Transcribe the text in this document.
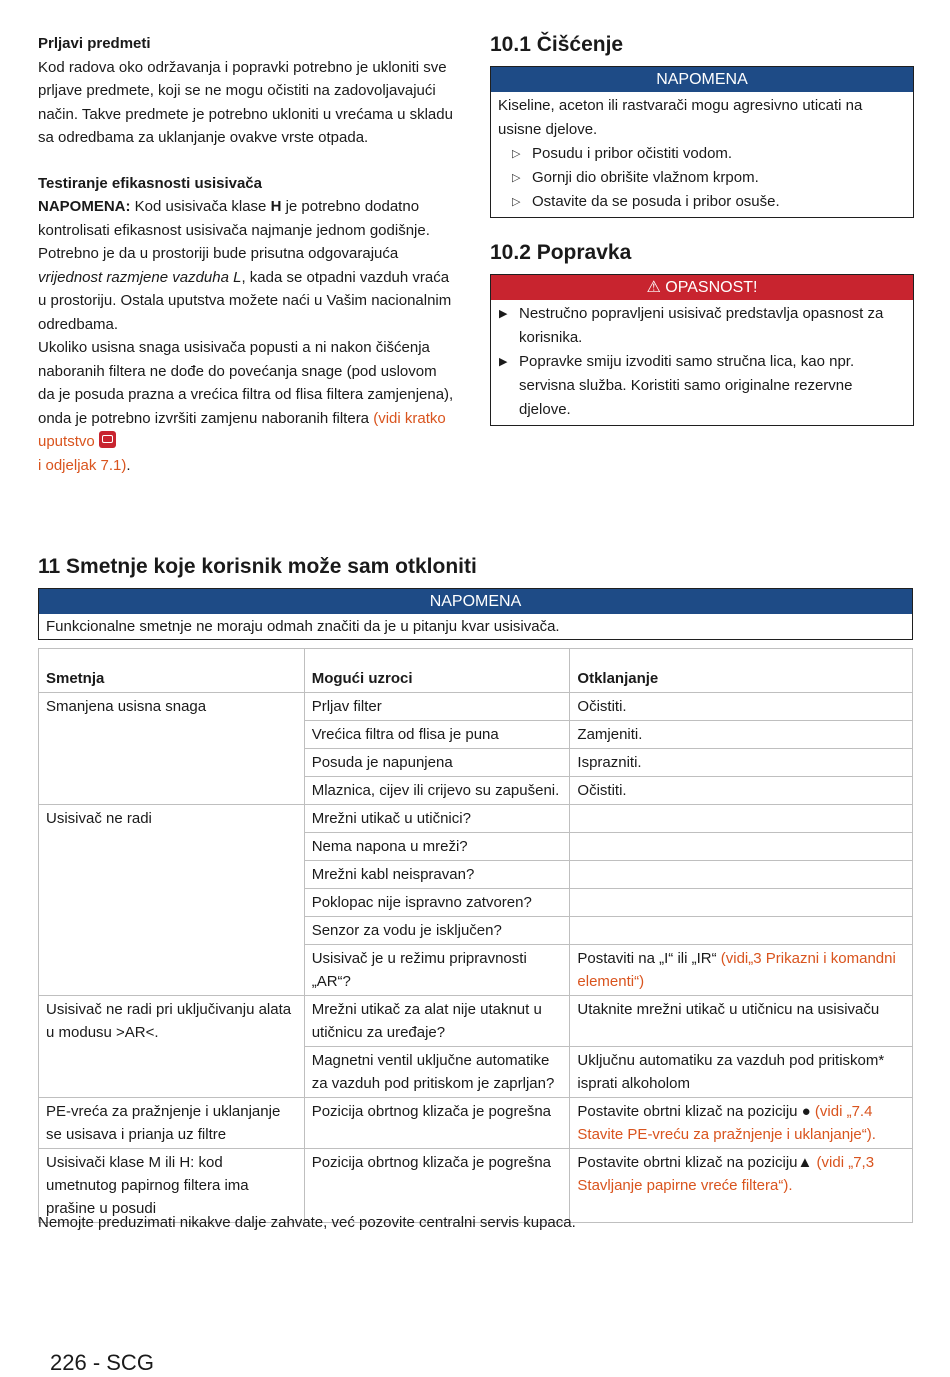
Prljavi predmeti

Kod radova oko održavanja i popravki potrebno je ukloniti sve prljave predmete, koji se ne mogu očistiti na zadovoljavajući način. Takve predmete je potrebno ukloniti u vrećama u skladu sa odredbama za uklanjanje ovakve vrste otpada.

Testiranje efikasnosti usisivača

NAPOMENA: Kod usisivača klase H je potrebno dodatno kontrolisati efikasnost usisivača najmanje jednom godišnje.

Potrebno je da u prostoriji bude prisutna odgovarajuća vrijednost razmjene vazduha L, kada se otpadni vazduh vraća u prostoriju. Ostala uputstva možete naći u Vašim nacionalnim odredbama.

Ukoliko usisna snaga usisivača popusti a ni nakon čišćenja naboranih filtera ne dođe do povećanja snage (pod uslovom da je posuda prazna a vrećica filtra od flisa filtera zamjenjena), onda je potrebno izvršiti zamjenu naboranih filtera (vidi kratko uputstvo
i odjeljak 7.1).

10.1 Čišćenje
NAPOMENA

Kiseline, aceton ili rastvarači mogu agresivno uticati na usisne djelove.

▷ Posudu i pribor očistiti vodom.
▷ Gornji dio obrišite vlažnom krpom.
▷ Ostavite da se posuda i pribor osuše.
10.2 Popravka
⚠ OPASNOST!
▶ Nestručno popravljeni usisivač predstavlja opasnost za korisnika.
▶ Popravke smiju izvoditi samo stručna lica, kao npr. servisna služba. Koristiti samo originalne rezervne djelove.
11 Smetnje koje korisnik može sam otkloniti
NAPOMENA
Funkcionalne smetnje ne moraju odmah značiti da je u pitanju kvar usisivača.
Smetnja	Mogući uzroci	Otklanjanje
Smanjena usisna snaga	Prljav filter	Očistiti.
	Vrećica filtra od flisa je puna	Zamjeniti.
	Posuda je napunjena	Isprazniti.
	Mlaznica, cijev ili crijevo su zapušeni.	Očistiti.
Usisivač ne radi	Mrežni utikač u utičnici?	
	Nema napona u mreži?	
	Mrežni kabl neispravan?	
	Poklopac nije ispravno zatvoren?	
	Senzor za vodu je isključen?	
	Usisivač je u režimu pripravnosti „AR“?	Postaviti na „I“ ili „IR“ (vidi„3 Prikazni i komandni elementi“)
Usisivač ne radi pri uključivanju alata u modusu >AR<.	Mrežni utikač za alat nije utaknut u utičnicu za uređaje?	Utaknite mrežni utikač u utičnicu na usisivaču
	Magnetni ventil uključne automatike za vazduh pod pritiskom je zaprljan?	Uključnu automatiku za vazduh pod pritiskom* isprati alkoholom
PE-vreća za pražnjenje i uklanjanje se usisava i prianja uz filtre	Pozicija obrtnog klizača je pogrešna	Postavite obrtni klizač na poziciju ● (vidi „7.4 Stavite PE-vreću za pražnjenje i uklanjanje“).
Usisivači klase M ili H: kod umetnutog papirnog filtera ima prašine u posudi	Pozicija obrtnog klizača je pogrešna	Postavite obrtni klizač na poziciju▲ (vidi „7,3 Stavljanje papirne vreće filtera“).

Nemojte preduzimati nikakve dalje zahvate, već pozovite centralni servis kupaca.

226 - SCG
